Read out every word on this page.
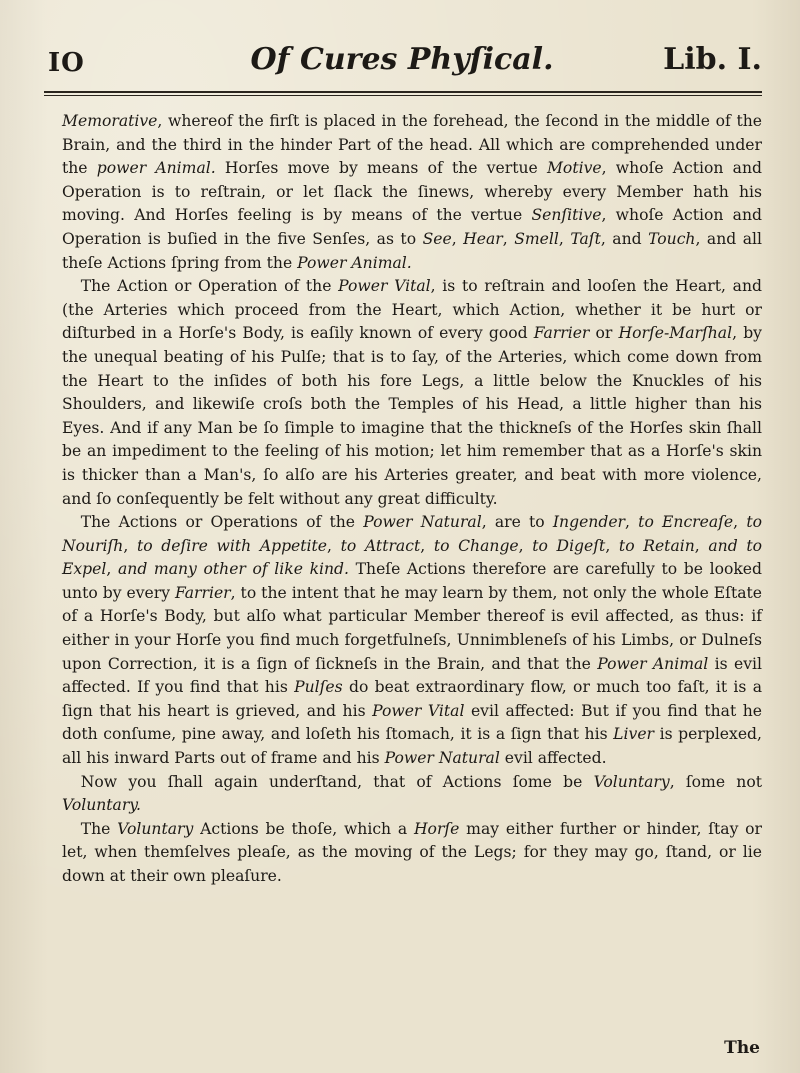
IO	Of Cures Phyſical.	Lib. I.

Memorative, whereof the firſt is placed in the forehead, the ſecond in the middle of the Brain, and the third in the hinder Part of the head. All which are comprehended under the power Animal. Horſes move by means of the vertue Motive, whoſe Action and Operation is to reſtrain, or let ſlack the ſinews, whereby every Member hath his moving. And Horſes feeling is by means of the vertue Senſitive, whoſe Action and Operation is buſied in the five Senſes, as to See, Hear, Smell, Taſt, and Touch, and all theſe Actions ſpring from the Power Animal.

The Action or Operation of the Power Vital, is to reſtrain and looſen the Heart, and (the Arteries which proceed from the Heart, which Action, whether it be hurt or diſturbed in a Horſe's Body, is eaſily known of every good Farrier or Horſe-Marſhal, by the unequal beating of his Pulſe; that is to ſay, of the Arteries, which come down from the Heart to the inſides of both his fore Legs, a little below the Knuckles of his Shoulders, and likewiſe croſs both the Temples of his Head, a little higher than his Eyes. And if any Man be ſo ſimple to imagine that the thickneſs of the Horſes skin ſhall be an impediment to the feeling of his motion; let him remember that as a Horſe's skin is thicker than a Man's, ſo alſo are his Arteries greater, and beat with more violence, and ſo conſequently be felt without any great difficulty.

The Actions or Operations of the Power Natural, are to Ingender, to Encreaſe, to Nouriſh, to deſire with Appetite, to Attract, to Change, to Digeſt, to Retain, and to Expel, and many other of like kind. Theſe Actions therefore are carefully to be looked unto by every Farrier, to the intent that he may learn by them, not only the whole Eſtate of a Horſe's Body, but alſo what particular Member thereof is evil affected, as thus: if either in your Horſe you find much forgetfulneſs, Unnimbleneſs of his Limbs, or Dulneſs upon Correction, it is a ſign of ſickneſs in the Brain, and that the Power Animal is evil affected. If you find that his Pulſes do beat extraordinary flow, or much too faſt, it is a ſign that his heart is grieved, and his Power Vital evil affected: But if you find that he doth conſume, pine away, and loſeth his ſtomach, it is a ſign that his Liver is perplexed, all his inward Parts out of frame and his Power Natural evil affected.

Now you ſhall again underſtand, that of Actions ſome be Voluntary, ſome not Voluntary.

The Voluntary Actions be thoſe, which a Horſe may either further or hinder, ſtay or let, when themſelves pleaſe, as the moving of the Legs; for they may go, ſtand, or lie down at their own pleaſure.

The
